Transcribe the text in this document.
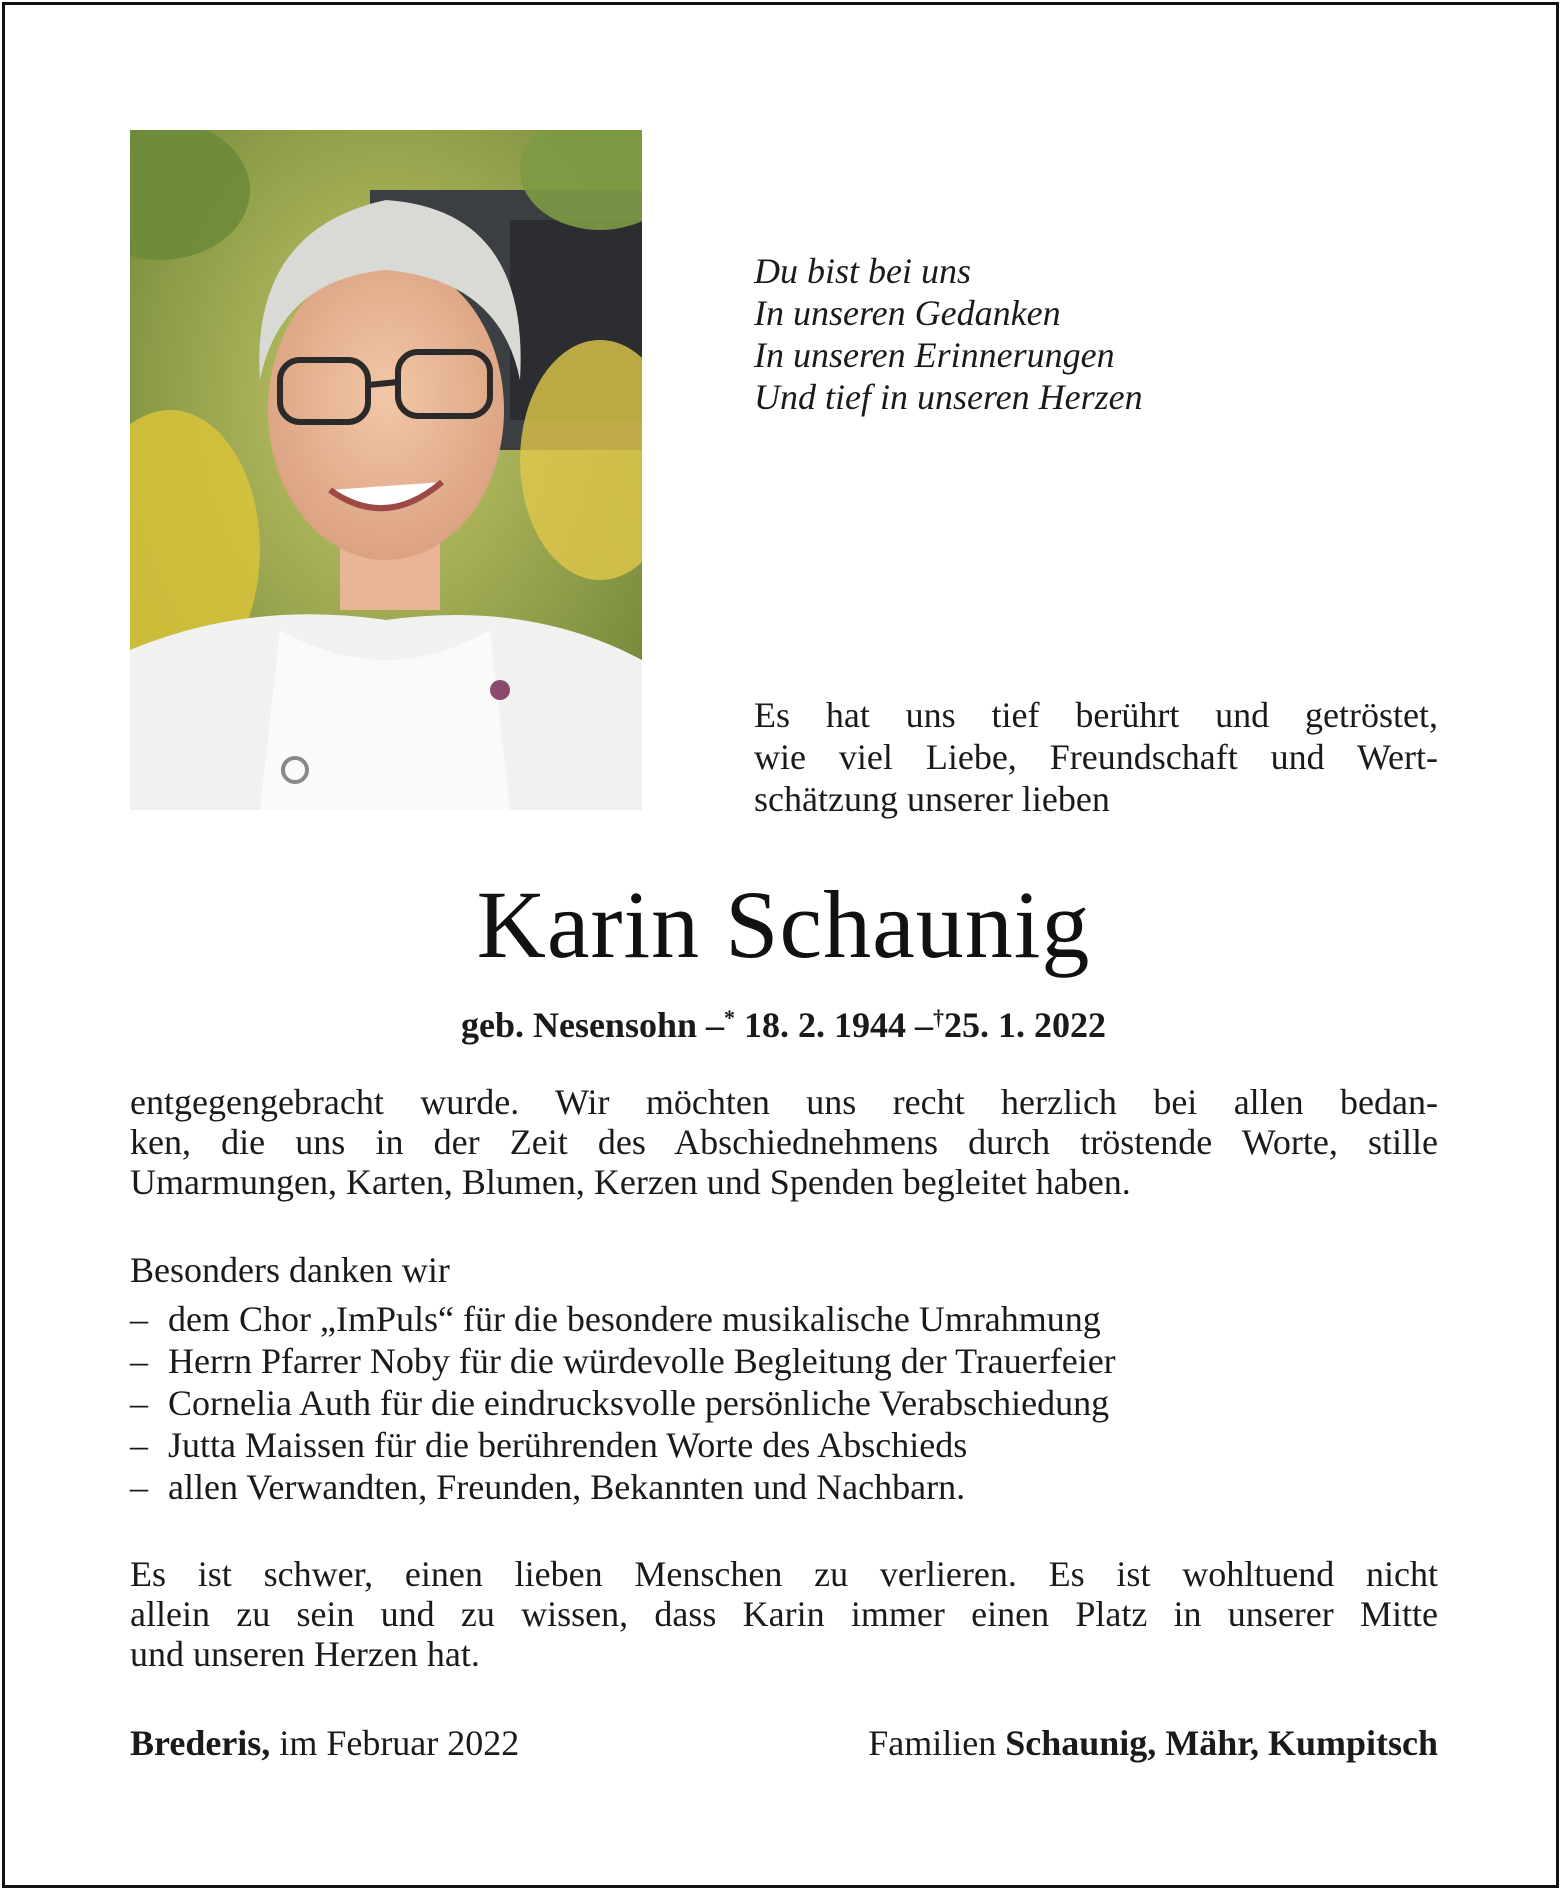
Du bist bei uns
In unseren Gedanken
In unseren Erinnerungen
Und tief in unseren Herzen
Es hat uns tief berührt und getröstet,
wie viel Liebe, Freundschaft und Wert-
schätzung unserer lieben
Karin Schaunig
geb. Nesensohn –* 18. 2. 1944 –†25. 1. 2022
entgegengebracht wurde. Wir möchten uns recht herzlich bei allen bedan-
ken, die uns in der Zeit des Abschiednehmens durch tröstende Worte, stille
Umarmungen, Karten, Blumen, Kerzen und Spenden begleitet haben.
Besonders danken wir
– dem Chor „ImPuls“ für die besondere musikalische Umrahmung
– Herrn Pfarrer Noby für die würdevolle Begleitung der Trauerfeier
– Cornelia Auth für die eindrucksvolle persönliche Verabschiedung
– Jutta Maissen für die berührenden Worte des Abschieds
– allen Verwandten, Freunden, Bekannten und Nachbarn.
Es ist schwer, einen lieben Menschen zu verlieren. Es ist wohltuend nicht
allein zu sein und zu wissen, dass Karin immer einen Platz in unserer Mitte
und unseren Herzen hat.
Brederis, im Februar 2022	Familien Schaunig, Mähr, Kumpitsch
